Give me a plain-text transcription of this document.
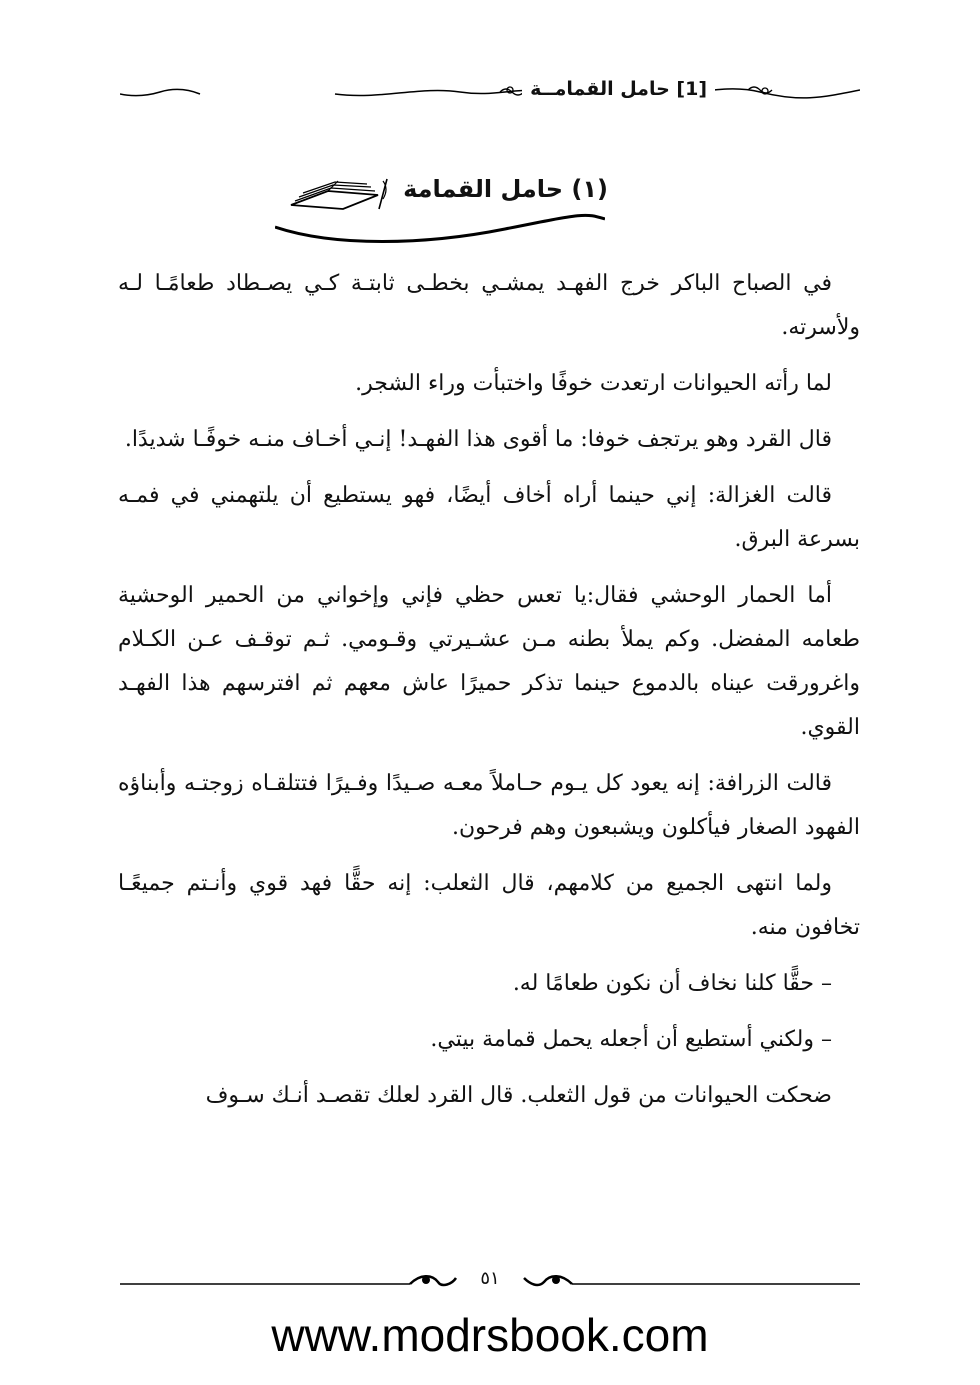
[1] حامل القمامــة
(١) حامل القمامة

في الصباح الباكر خرج الفهـد يمشـي بخطـى ثابتـة كـي يصـطاد طعامًـا لـه ولأسرته.

لما رأته الحيوانات ارتعدت خوفًا واختبأت وراء الشجر.

قال القرد وهو يرتجف خوفا: ما أقوى هذا الفهـد! إنـي أخـاف منـه خوفًـا شديدًا.

قالت الغزالة: إني حينما أراه أخاف أيضًا، فهو يستطيع أن يلتهمني في فمـه بسرعة البرق.

أما الحمار الوحشي فقال:يا تعس حظي فإني وإخواني من الحمير الوحشية طعامه المفضل. وكم يملأ بطنه مـن عشـيرتي وقـومي. ثـم توقـف عـن الكـلام واغرورقت عيناه بالدموع حينما تذكر حميرًا عاش معهم ثم افترسهم هذا الفهـد القوي.

قالت الزرافة: إنه يعود كل يـوم حـاملاً معـه صـيدًا وفـيرًا فتتلقـاه زوجتـه وأبناؤه الفهود الصغار فيأكلون ويشبعون وهم فرحون.

ولما انتهى الجميع من كلامهم، قال الثعلب: إنه حقًّا فهد قوي وأنـتم جميعًـا تخافون منه.

– حقًّا كلنا نخاف أن نكون طعامًا له.

– ولكني أستطيع أن أجعله يحمل قمامة بيتي.

ضحكت الحيوانات من قول الثعلب. قال القرد لعلك تقصـد أنـك سـوف

٥١
www.modrsbook.com
